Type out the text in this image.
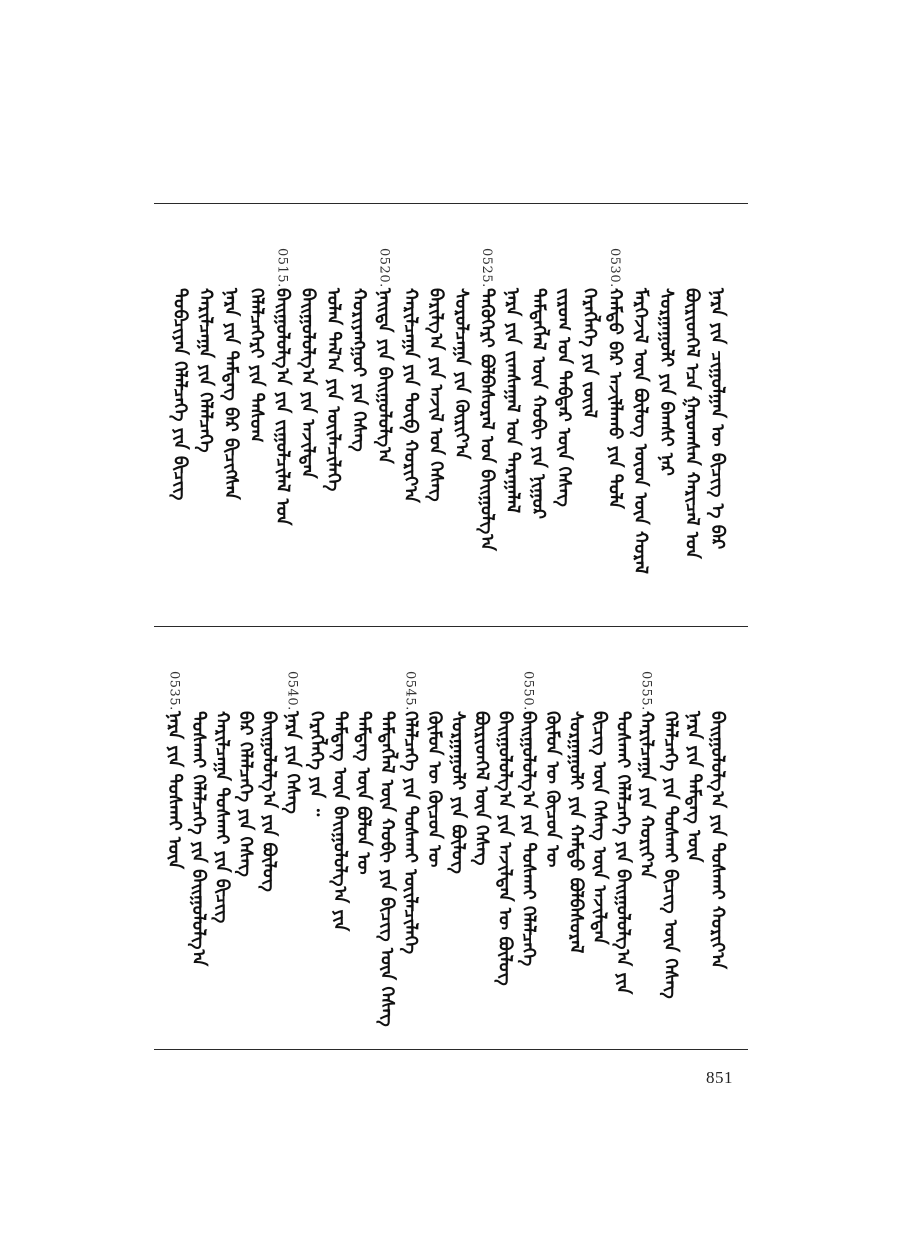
ᠨᠡᠷᠡ ᠶᠢᠨ ᠴᠢᠭᠤᠯᠭᠠᠨ ᠦ ᠪᠢᠴᠢᠭ ᠎ᠡ ᠪᠡᠷ
ᠪᠦᠷᠢᠳᠬᠡᠯ ᠡᠴᠡ ᠭᠠᠷᠤᠭᠰᠠᠨ ᠬᠠᠷᠢᠴᠠᠯ ᠤᠨ
ᠰᠤᠷᠭᠠᠭᠤᠯᠢ ᠶᠢᠨ ᠪᠠᠭᠰᠢ ᠨᠠᠷ
ᠮᠡᠷᠭᠡᠵᠢᠯ ᠦᠨ ᠪᠦᠯᠦᠭ ᠦᠳ ᠦᠨ ᠬᠤᠷᠠᠯ
0530.
ᠬᠠᠮᠲᠤ ᠪᠡᠷ ᠠᠵᠢᠯᠯᠠᠬᠤ ᠶᠢᠨ ᠲᠤᠯᠠ
ᠬᠡᠷᠡᠭᠯᠡᠭᠡ ᠶᠢᠨ ᠵᠦᠢᠯ
ᠵᠢᠷᠤᠭ ᠤᠨ ᠳᠡᠪᠲᠡᠷ ᠦᠨ ᠬᠡᠰᠡᠭ
ᠲᠡᠮᠳᠡᠭᠯᠡᠯ ᠦᠨ ᠬᠤᠪᠢ ᠶᠢᠨ ᠨᠢᠭᠤᠷ
ᠨᠡᠷᠡ ᠶᠢᠨ ᠵᠢᠭᠰᠠᠭᠠᠯ ᠤᠨ ᠳᠠᠷᠠᠭᠠᠯᠠᠯ
0525.
ᠲᠡᠭᠦᠭᠡᠷᠢ ᠪᠤᠯᠪᠠᠰᠤᠷᠠᠯ ᠤᠨ ᠪᠠᠢᠭᠤᠯᠭ᠎ᠠ
ᠰᠤᠷᠤᠯᠴᠠᠭᠠ ᠶᠢᠨ ᠬᠦᠷᠢᠶ᠎ᠠ
ᠪᠠᠷᠢᠯᠭ᠎ᠠ ᠶᠢᠨ ᠠᠵᠢᠯ ᠤᠨ ᠬᠡᠰᠡᠭ
ᠬᠠᠷᠢᠯᠴᠠᠭᠠ ᠶᠢᠨ ᠲᠦᠪ ᠬᠤᠷᠢᠶ᠎ᠠ
0520.
ᠨᠡᠢᠲᠡ ᠶᠢᠨ ᠪᠠᠢᠭᠤᠯᠤᠯᠭ᠎ᠠ
ᠬᠤᠷᠢᠶᠠᠩᠭᠤᠢ ᠶᠢᠨ ᠬᠡᠰᠡᠭ
ᠣᠯᠠᠨ ᠲᠠᠯ᠎ᠠ ᠶᠢᠨ ᠦᠢᠯᠡᠴᠢᠯᠡᠭᠡ
ᠪᠠᠢᠭᠤᠯᠤᠯᠭ᠎ᠠ ᠶᠢᠨ ᠠᠵᠢᠯᠲᠠᠨ
0515.
ᠪᠠᠢᠭᠤᠯᠤᠯᠭ᠎ᠠ ᠶᠢᠨ ᠵᠢᠭᠤᠯᠴᠢᠯᠠᠯ ᠤᠨ
ᠬᠡᠯᠡᠯᠴᠡᠭᠡᠷᠢ ᠶᠢᠨ ᠲᠠᠰᠤᠭ
ᠨᠡᠷᠡ ᠶᠢᠨ ᠲᠡᠮᠳᠡᠭ ᠪᠡᠷ ᠪᠢᠴᠢᠭᠰᠡᠨ
ᠬᠠᠷᠢᠯᠴᠠᠭᠠ ᠶᠢᠨ ᠬᠡᠯᠡᠯᠴᠡᠭᠡ
ᠲᠣᠪᠴᠢᠶᠠᠨ ᠬᠡᠯᠡᠯᠴᠡᠭᠡ ᠶᠢᠨ ᠪᠢᠴᠢᠭ
ᠪᠠᠢᠭᠤᠯᠤᠯᠭ᠎ᠠ ᠶᠢᠨ ᠲᠤᠰᠬᠠᠢ ᠬᠤᠷᠢᠶ᠎ᠠ
ᠨᠡᠷᠡ ᠶᠢᠨ ᠲᠡᠮᠳᠡᠭ ᠦᠨ
ᠬᠡᠯᠡᠯᠴᠡᠭᠡ ᠶᠢᠨ ᠲᠤᠰᠬᠠᠢ ᠪᠢᠴᠢᠭ ᠦᠨ ᠬᠡᠰᠡᠭ
0555.
ᠬᠠᠷᠢᠯᠴᠠᠭᠠ ᠶᠢᠨ ᠬᠤᠷᠢᠶ᠎ᠠ
ᠲᠤᠰᠬᠠᠢ ᠬᠡᠯᠡᠯᠴᠡᠭᠡ ᠶᠢᠨ ᠪᠠᠢᠭᠤᠯᠤᠯᠭ᠎ᠠ ᠶᠢᠨ
ᠪᠢᠴᠢᠭ ᠦᠨ ᠬᠡᠰᠡᠭ ᠦᠨ ᠠᠵᠢᠯᠲᠠᠨ
ᠰᠤᠷᠭᠠᠭᠤᠯᠢ ᠶᠢᠨ ᠬᠠᠮᠲᠤ ᠪᠤᠯᠪᠠᠰᠤᠷᠠᠯ
ᠬᠦᠮᠦᠨ ᠦ ᠬᠦᠴᠦᠨ ᠦ
0550.
ᠪᠠᠢᠭᠤᠯᠤᠯᠭ᠎ᠠ ᠶᠢᠨ ᠲᠤᠰᠬᠠᠢ ᠬᠡᠯᠡᠯᠴᠡᠭᠡ
ᠪᠠᠢᠭᠤᠯᠤᠯᠭ᠎ᠠ ᠶᠢᠨ ᠠᠵᠢᠯᠲᠠᠨ ᠦ ᠪᠦᠯᠦᠭ
ᠪᠦᠷᠢᠳᠬᠡᠯ ᠦᠨ ᠬᠡᠰᠡᠭ
ᠰᠤᠷᠭᠠᠭᠤᠯᠢ ᠶᠢᠨ ᠪᠦᠯᠦᠭ
ᠬᠦᠮᠦᠨ ᠦ ᠬᠦᠴᠦᠨ ᠦ
0545.
ᠬᠡᠯᠡᠯᠴᠡᠭᠡ ᠶᠢᠨ ᠲᠤᠰᠬᠠᠢ ᠦᠢᠯᠡᠴᠢᠯᠡᠭᠡ
ᠲᠡᠮᠳᠡᠭᠯᠡᠯ ᠦᠨ ᠬᠤᠪᠢ ᠶᠢᠨ ᠪᠢᠴᠢᠭ ᠦᠨ ᠬᠡᠰᠡᠭ
ᠲᠡᠮᠳᠡᠭ ᠦᠨ ᠪᠤᠯᠤᠨ ᠦ
ᠲᠡᠮᠳᠡᠭ ᠦᠨ ᠪᠠᠢᠭᠤᠯᠤᠯᠭ᠎ᠠ ᠶᠢᠨ
ᠬᠡᠷᠡᠭᠯᠡᠭᠡ ᠶᠢᠨ ᠃
0540.
ᠨᠡᠷᠡ ᠶᠢᠨ ᠬᠡᠰᠡᠭ
ᠪᠠᠢᠭᠤᠯᠤᠯᠭ᠎ᠠ ᠶᠢᠨ ᠪᠦᠯᠦᠭ
ᠪᠡᠷ ᠬᠡᠯᠡᠯᠴᠡᠭᠡ ᠶᠢᠨ ᠬᠡᠰᠡᠭ
ᠬᠠᠷᠢᠯᠴᠠᠭᠠ ᠲᠤᠰᠬᠠᠢ ᠶᠢᠨ ᠪᠢᠴᠢᠭ
ᠲᠤᠰᠬᠠᠢ ᠬᠡᠯᠡᠯᠴᠡᠭᠡ ᠶᠢᠨ ᠪᠠᠢᠭᠤᠯᠤᠯᠭ᠎ᠠ
0535.
ᠨᠡᠷᠡ ᠶᠢᠨ ᠲᠤᠰᠬᠠᠢ ᠦᠨ
851
